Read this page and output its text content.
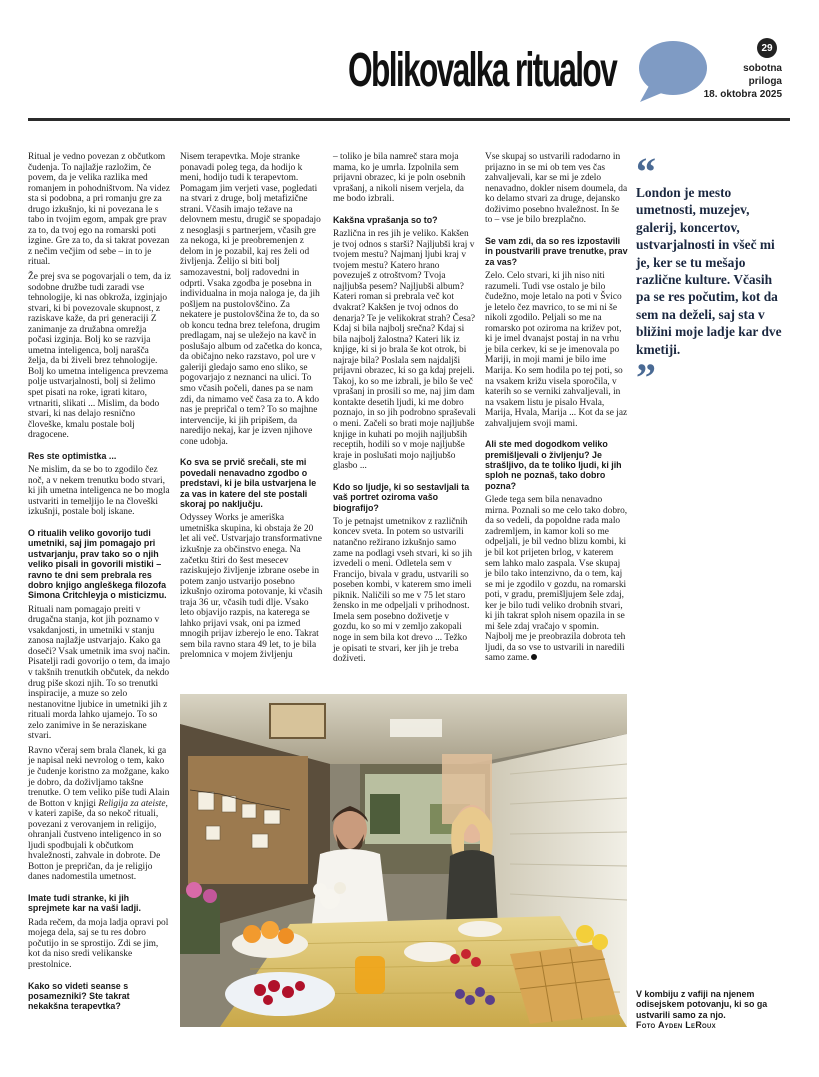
Oblikovalka ritualov	29
sobotna
priloga
18. oktobra 2025

Ritual je vedno povezan z občutkom čudenja. To najlažje razložim, če povem, da je velika razlika med romanjem in pohodništvom. Na videz sta si podobna, a pri romanju gre za drugo izkušnjo, ki ni povezana le s tabo in tvojim egom, ampak gre prav za to, da tvoj ego na romarski poti izgine. Gre za to, da si takrat povezan z nečim večjim od sebe – in to je ritual.

Že prej sva se pogovarjali o tem, da iz sodobne družbe tudi zaradi vse tehnologije, ki nas obkroža, izginjajo stvari, ki bi povezovale skupnost, z raziskave kaže, da pri generaciji Z zanimanje za družabna omrežja počasi izginja. Bolj ko se razvija umetna inteligenca, bolj narašča želja, da bi živeli brez tehnologije. Bolj ko umetna inteligenca prevzema polje ustvarjalnosti, bolj si želimo spet pisati na roke, igrati kitaro, vrtnariti, slikati ... Mislim, da bodo stvari, ki nas delajo resnično človeške, kmalu postale bolj dragocene.

Res ste optimistka ...

Ne mislim, da se bo to zgodilo čez noč, a v nekem trenutku bodo stvari, ki jih umetna inteligenca ne bo mogla ustvariti in temeljijo le na človeški izkušnji, postale bolj iskane.

O ritualih veliko govorijo tudi umetniki, saj jim pomagajo pri ustvarjanju, prav tako so o njih veliko pisali in govorili mistiki – ravno te dni sem prebrala res dobro knjigo angleškega filozofa Simona Critchleyja o misticizmu.

Rituali nam pomagajo preiti v drugačna stanja, kot jih poznamo v vsakdanjosti, in umetniki v stanju zanosa najlažje ustvarjajo. Kako ga doseči? Vsak umetnik ima svoj način. Pisatelji radi govorijo o tem, da imajo v takšnih trenutkih občutek, da nekdo drug piše skozi njih. To so trenutki inspiracije, a muze so zelo nestanovitne ljubice in umetniki jih z rituali morda lahko ujamejo. To so zelo zanimive in še neraziskane stvari.

Ravno včeraj sem brala članek, ki ga je napisal neki nevrolog o tem, kako je čudenje koristno za možgane, kako je dobro, da doživljamo takšne trenutke. O tem veliko piše tudi Alain de Botton v knjigi Religija za ateiste, v kateri zapiše, da so nekoč rituali, povezani z verovanjem in religijo, ohranjali čustveno inteligenco in so ljudi spodbujali k občutkom hvaležnosti, zahvale in dobrote. De Botton je prepričan, da je religijo danes nadomestila umetnost.

Imate tudi stranke, ki jih sprejmete kar na vaši ladji.

Rada rečem, da moja ladja opravi pol mojega dela, saj se tu res dobro počutijo in se sprostijo. Zdi se jim, kot da niso sredi velikanske prestolnice.

Kako so videti seanse s posamezniki? Ste takrat nekakšna terapevtka?

Nisem terapevtka. Moje stranke ponavadi poleg tega, da hodijo k meni, hodijo tudi k terapevtom. Pomagam jim verjeti vase, pogledati na stvari z druge, bolj metafizične strani. Včasih imajo težave na delovnem mestu, drugič se spopadajo z nesoglasji s partnerjem, včasih gre za nekoga, ki je preobremenjen z delom in je pozabil, kaj res želi od življenja. Želijo si biti bolj samozavestni, bolj radovedni in odprti. Vsaka zgodba je posebna in individualna in moja naloga je, da jih pošljem na pustolovščino. Za nekatere je pustolovščina že to, da so ob koncu tedna brez telefona, drugim predlagam, naj se uležejo na kavč in poslušajo album od začetka do konca, da običajno neko razstavo, pol ure v galeriji gledajo samo eno sliko, se pogovarjajo z neznanci na ulici. To smo včasih počeli, danes pa se nam zdi, da nimamo več časa za to. A kdo nas je prepričal o tem? To so majhne intervencije, ki jih pripišem, da naredijo nekaj, kar je izven njihove cone udobja.

Ko sva se prvič srečali, ste mi povedali nenavadno zgodbo o predstavi, ki je bila ustvarjena le za vas in katere del ste postali skoraj po naključju.

Odyssey Works je ameriška umetniška skupina, ki obstaja že 20 let ali več. Ustvarjajo transformativne izkušnje za občinstvo enega. Na začetku štiri do šest mesecev raziskujejo življenje izbrane osebe in potem zanjo ustvarijo posebno izkušnjo oziroma potovanje, ki včasih traja 36 ur, včasih tudi dlje. Vsako leto objavijo razpis, na katerega se lahko prijavi vsak, oni pa izmed mnogih prijav izberejo le eno. Takrat sem bila ravno stara 49 let, to je bila prelomnica v mojem življenju

– toliko je bila namreč stara moja mama, ko je umrla. Izpolnila sem prijavni obrazec, ki je poln osebnih vprašanj, a nikoli nisem verjela, da me bodo izbrali.

Kakšna vprašanja so to?

Različna in res jih je veliko. Kakšen je tvoj odnos s starši? Najljubši kraj v tvojem mestu? Najmanj ljubi kraj v tvojem mestu? Katero hrano povezuješ z otroštvom? Tvoja najljubša pesem? Najljubši album? Kateri roman si prebrala več kot dvakrat? Kakšen je tvoj odnos do denarja? Te je velikokrat strah? Česa? Kdaj si bila najbolj srečna? Kdaj si bila najbolj žalostna? Kateri lik iz knjige, ki si jo brala še kot otrok, bi najraje bila? Poslala sem najdaljši prijavni obrazec, ki so ga kdaj prejeli. Takoj, ko so me izbrali, je bilo še več vprašanj in prosili so me, naj jim dam kontakte desetih ljudi, ki me dobro poznajo, in so jih podrobno spraševali o meni. Začeli so brati moje najljubše knjige in kuhati po mojih najljubših receptih, hodili so v moje najljubše kraje in poslušati mojo najljubšo glasbo ...

Kdo so ljudje, ki so sestavljali ta vaš portret oziroma vašo biografijo?

To je petnajst umetnikov z različnih koncev sveta. In potem so ustvarili natančno režirano izkušnjo samo zame na podlagi vseh stvari, ki so jih izvedeli o meni. Odletela sem v Francijo, bivala v gradu, ustvarili so poseben kombi, v katerem smo imeli piknik. Naličili so me v 75 let staro žensko in me odpeljali v prihodnost. Imela sem posebno doživetje v gozdu, ko so mi v zemljo zakopali noge in sem bila kot drevo ... Težko je opisati te stvari, ker jih je treba doživeti.

Vse skupaj so ustvarili radodarno in prijazno in se mi ob tem ves čas zahvaljevali, kar se mi je zdelo nenavadno, dokler nisem doumela, da ko delamo stvari za druge, dejansko doživimo posebno hvaležnost. In še to – vse je bilo brezplačno.

Se vam zdi, da so res izpostavili in poustvarili prave trenutke, prav za vas?

Zelo. Celo stvari, ki jih niso niti razumeli. Tudi vse ostalo je bilo čudežno, moje letalo na poti v Švico je letelo čez mavrico, to se mi ni še nikoli zgodilo. Peljali so me na romarsko pot oziroma na križev pot, ki je imel dvanajst postaj in na vrhu je bila cerkev, ki se je imenovala po Mariji, in moji mami je bilo ime Marija. Ko sem hodila po tej poti, so na vsakem križu visela sporočila, v katerih so se verniki zahvaljevali, in na vsakem listu je pisalo Hvala, Marija, Hvala, Marija ... Kot da se jaz zahvaljujem svoji mami.

Ali ste med dogodkom veliko premišljevali o življenju? Je strašljivo, da te toliko ljudi, ki jih sploh ne poznaš, tako dobro pozna?

Glede tega sem bila nenavadno mirna. Poznali so me celo tako dobro, da so vedeli, da popoldne rada malo zadremljem, in kamor koli so me odpeljali, je bil vedno blizu kombi, ki je bil kot prijeten brlog, v katerem sem lahko malo zaspala. Vse skupaj je bilo tako intenzivno, da o tem, kaj se mi je zgodilo v gozdu, na romarski poti, v gradu, premišljujem šele zdaj, ker je bilo tudi veliko drobnih stvari, ki jih takrat sploh nisem opazila in se mi šele zdaj vračajo v spomin. Najbolj me je preobrazila dobrota teh ljudi, da so vse to ustvarili in naredili samo zame.

“
London je mesto umetnosti, muzejev, galerij, koncertov, ustvarjalnosti in všeč mi je, ker se tu mešajo različne kulture. Včasih pa se res počutim, kot da sem na deželi, saj sta v bližini moje ladje kar dve kmetiji.
”
V kombiju z vafiji na njenem odisejskem potovanju, ki so ga ustvarili samo za njo.
Foto Ayden LeRoux
